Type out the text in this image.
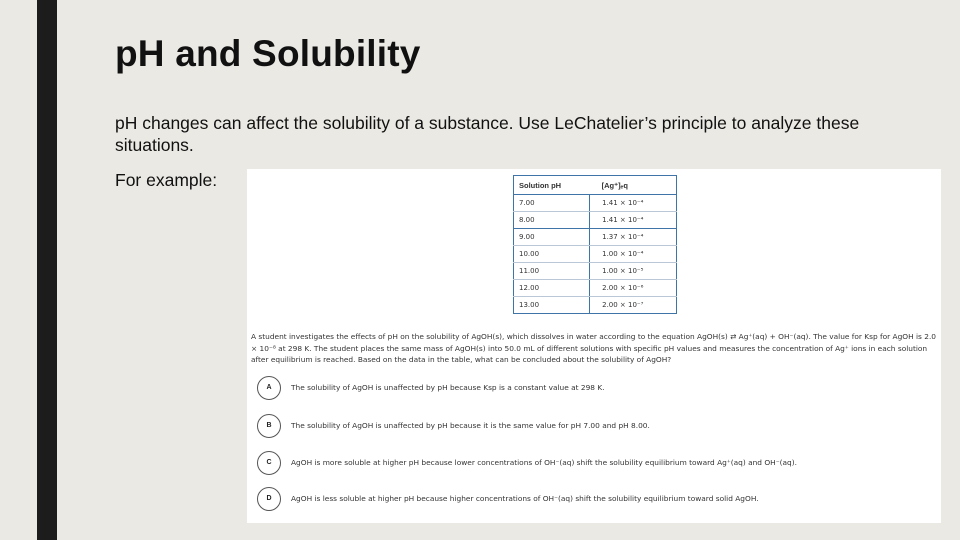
pH and Solubility
pH changes can affect the solubility of a substance. Use LeChatelier’s principle to analyze these situations.
For example:	Solution pH	[Ag⁺]ₑq
7.00	1.41 × 10⁻⁴
8.00	1.41 × 10⁻⁴
9.00	1.37 × 10⁻⁴
10.00	1.00 × 10⁻⁴
11.00	1.00 × 10⁻⁵
12.00	2.00 × 10⁻⁶
13.00	2.00 × 10⁻⁷
A student investigates the effects of pH on the solubility of AgOH(s), which dissolves in water according to the equation AgOH(s) ⇄ Ag⁺(aq) + OH⁻(aq). The value for Ksp for AgOH is 2.0 × 10⁻⁸ at 298 K. The student places the same mass of AgOH(s) into 50.0 mL of different solutions with specific pH values and measures the concentration of Ag⁺ ions in each solution after equilibrium is reached. Based on the data in the table, what can be concluded about the solubility of AgOH?
A	The solubility of AgOH is unaffected by pH because Ksp is a constant value at 298 K.
B	The solubility of AgOH is unaffected by pH because it is the same value for pH 7.00 and pH 8.00.
C	AgOH is more soluble at higher pH because lower concentrations of OH⁻(aq) shift the solubility equilibrium toward Ag⁺(aq) and OH⁻(aq).
D	AgOH is less soluble at higher pH because higher concentrations of OH⁻(aq) shift the solubility equilibrium toward solid AgOH.
